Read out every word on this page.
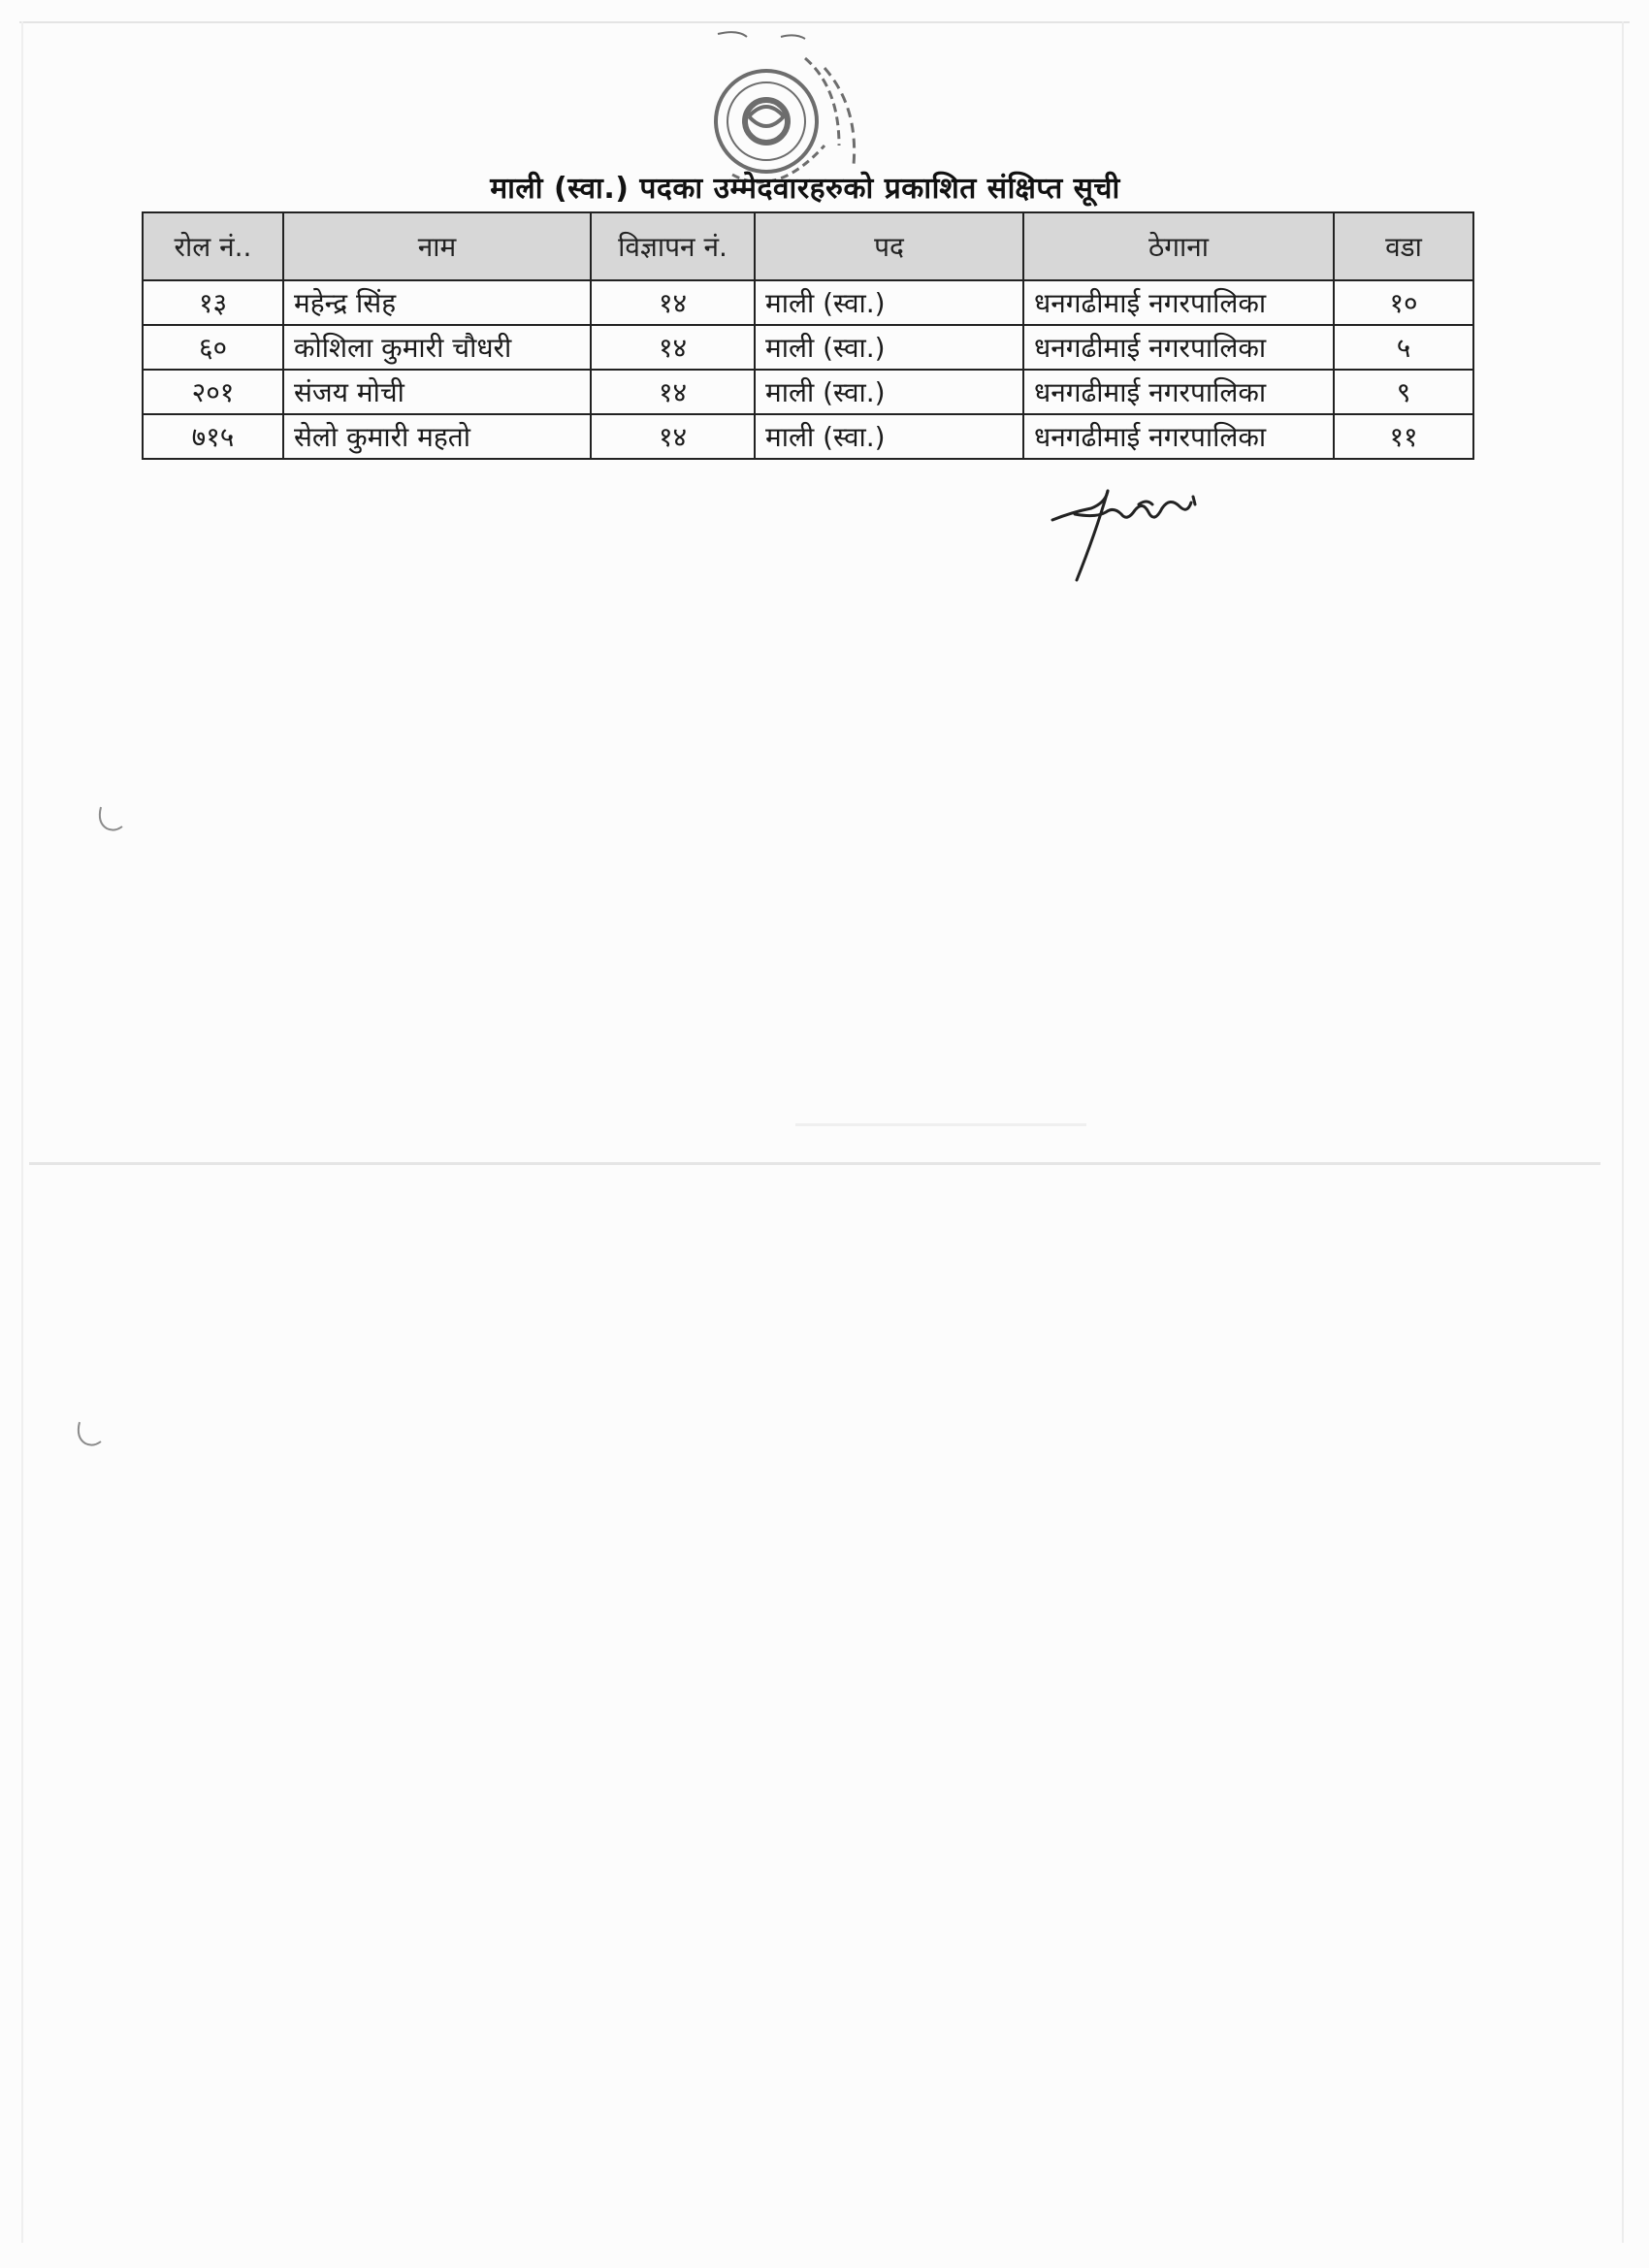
माली (स्वा.) पदका उम्मेदवारहरुको प्रकाशित संक्षिप्त सूची
रोल नं..	नाम	विज्ञापन नं.	पद	ठेगाना	वडा
१३	महेन्द्र सिंह	१४	माली (स्वा.)	धनगढीमाई नगरपालिका	१०
६०	कोशिला कुमारी चौधरी	१४	माली (स्वा.)	धनगढीमाई नगरपालिका	५
२०१	संजय मोची	१४	माली (स्वा.)	धनगढीमाई नगरपालिका	९
७१५	सेलो कुमारी महतो	१४	माली (स्वा.)	धनगढीमाई नगरपालिका	११
